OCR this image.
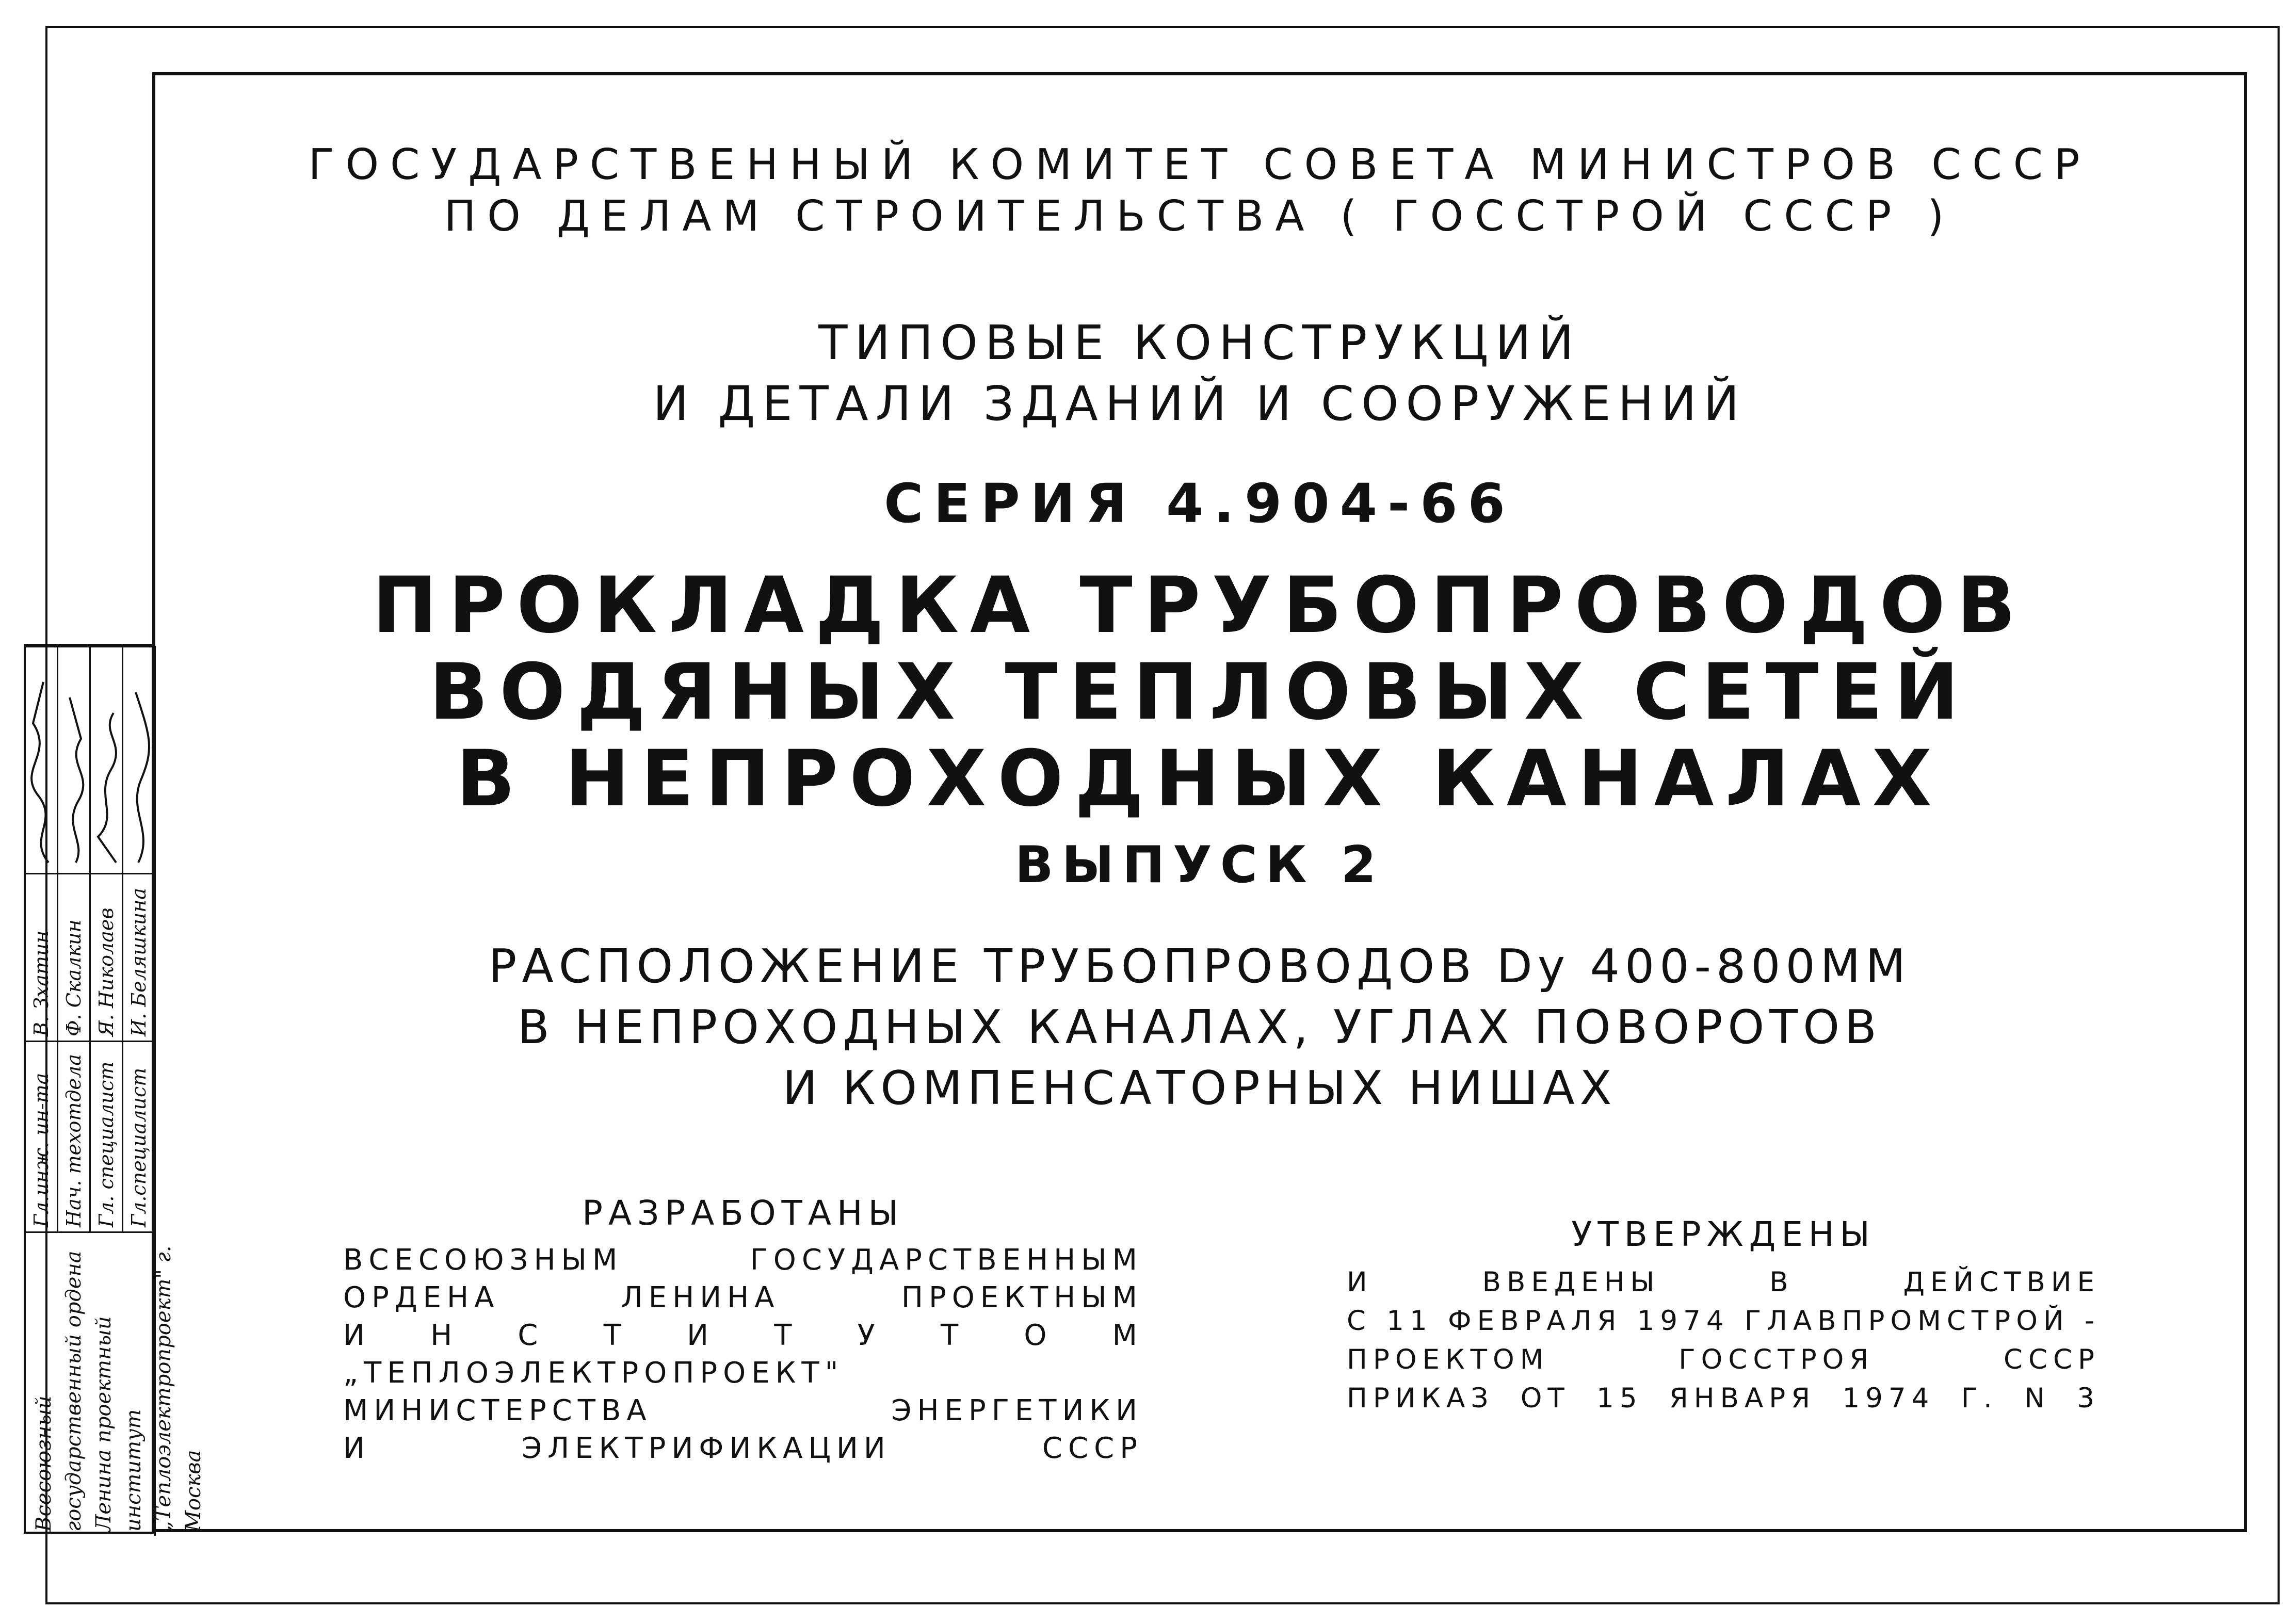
ГОСУДАРСТВЕННЫЙ КОМИТЕТ СОВЕТА МИНИСТРОВ СССР
ПО ДЕЛАМ СТРОИТЕЛЬСТВА ( ГОССТРОЙ СССР )
ТИПОВЫЕ КОНСТРУКЦИЙ
И ДЕТАЛИ ЗДАНИЙ И СООРУЖЕНИЙ
СЕРИЯ 4.904-66
ПРОКЛАДКА ТРУБОПРОВОДОВ
ВОДЯНЫХ ТЕПЛОВЫХ СЕТЕЙ
В НЕПРОХОДНЫХ КАНАЛАХ
ВЫПУСК 2
РАСПОЛОЖЕНИЕ ТРУБОПРОВОДОВ Dу 400-800ММ
В НЕПРОХОДНЫХ КАНАЛАХ, УГЛАХ ПОВОРОТОВ
И КОМПЕНСАТОРНЫХ НИШАХ
РАЗРАБОТАНЫ
ВСЕСОЮЗНЫМ ГОСУДАРСТВЕННЫМ
ОРДЕНА ЛЕНИНА ПРОЕКТНЫМ
И Н С Т И Т У Т О М
„ТЕПЛОЭЛЕКТРОПРОЕКТ"
МИНИСТЕРСТВА ЭНЕРГЕТИКИ
И ЭЛЕКТРИФИКАЦИИ СССР
УТВЕРЖДЕНЫ
И ВВЕДЕНЫ В ДЕЙСТВИЕ
С 11 ФЕВРАЛЯ 1974 ГЛАВПРОМСТРОЙ -
ПРОЕКТОМ ГОССТРОЯ СССР
ПРИКАЗ ОТ 15 ЯНВАРЯ 1974 Г. N 3
Всесоюзный государственный ордена Ленина проектный институт „Теплоэлектропроект" г. Москва
Гл.инж. ин-та
В. Зхатин
Нач. техотдела
Ф. Скалкин
Гл. специалист
Я. Николаев
Гл.специалист
И. Беляшкина
